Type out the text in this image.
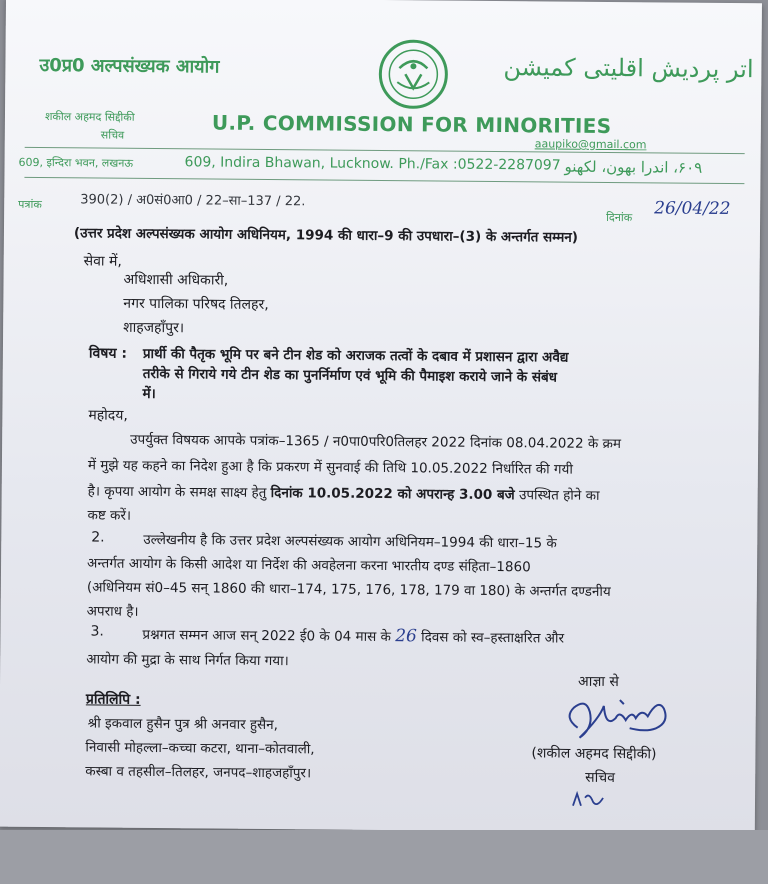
उ0प्र0 अल्पसंख्यक आयोग	اتر پردیش اقلیتی کمیشن
शकील अहमद सिद्दीकी
सचिव	U.P. COMMISSION FOR MINORITIES
aaupiko@gmail.com
609, इन्दिरा भवन, लखनऊ	609, Indira Bhawan, Lucknow. Ph./Fax :0522-2287097 ۶۰۹، اندرا بھون، لکھنو
पत्रांक	390(2) / अ0सं0आ0 / 22–सा–137 / 22.
दिनांक 26/04/22
(उत्तर प्रदेश अल्पसंख्यक आयोग अधिनियम, 1994 की धारा–9 की उपधारा–(3) के अन्तर्गत सम्मन)
सेवा में,
अधिशासी अधिकारी,
नगर पालिका परिषद तिलहर,
शाहजहाँपुर।
विषय : प्रार्थी की पैतृक भूमि पर बने टीन शेड को अराजक तत्वों के दबाव में प्रशासन द्वारा अवैद्य
तरीके से गिराये गये टीन शेड का पुनर्निर्माण एवं भूमि की पैमाइश कराये जाने के संबंध
में।
महोदय,
उपर्युक्त विषयक आपके पत्रांक–1365 / न0पा0परि0तिलहर 2022 दिनांक 08.04.2022 के क्रम
में मुझे यह कहने का निदेश हुआ है कि प्रकरण में सुनवाई की तिथि 10.05.2022 निर्धारित की गयी
है। कृपया आयोग के समक्ष साक्ष्य हेतु दिनांक 10.05.2022 को अपरान्ह 3.00 बजे उपस्थित होने का
कष्ट करें।
2.	उल्लेखनीय है कि उत्तर प्रदेश अल्पसंख्यक आयोग अधिनियम–1994 की धारा–15 के
अन्तर्गत आयोग के किसी आदेश या निर्देश की अवहेलना करना भारतीय दण्ड संहिता–1860
(अधिनियम सं0–45 सन् 1860 की धारा–174, 175, 176, 178, 179 वा 180) के अन्तर्गत दण्डनीय
अपराध है।
3.	प्रश्नगत सम्मन आज सन् 2022 ई0 के 04 मास के 26 दिवस को स्व–हस्ताक्षरित और
आयोग की मुद्रा के साथ निर्गत किया गया।
आज्ञा से
(शकील अहमद सिद्दीकी)
सचिव
प्रतिलिपि :
श्री इकवाल हुसैन पुत्र श्री अनवार हुसैन,
निवासी मोहल्ला–कच्चा कटरा, थाना–कोतवाली,
कस्बा व तहसील–तिलहर, जनपद–शाहजहाँपुर।
